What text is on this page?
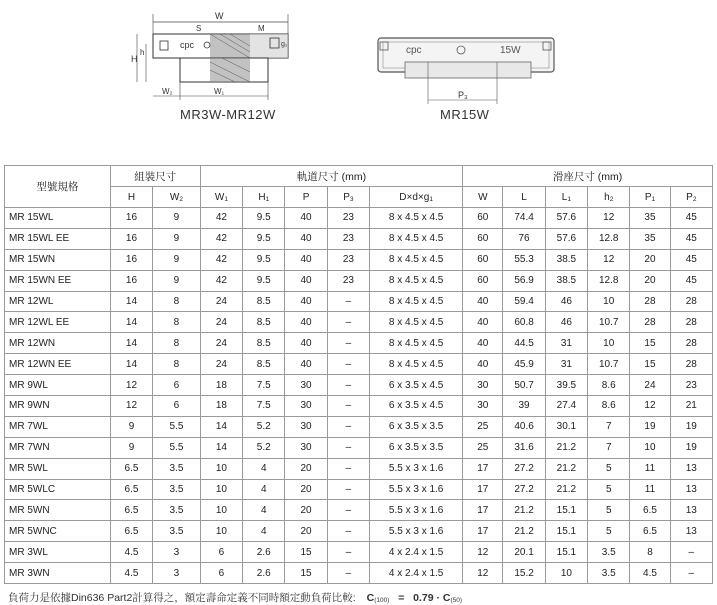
W
cpc
H
h
S	M
g₁
W₂	W₁
cpc	15W
P₃
MR3W-MR12W	MR15W
型號規格	組裝尺寸		軌道尺寸 (mm)					滑座尺寸 (mm)					
	H	$W_2$	$W_1$	$H_1$	P	$P_3$	$D\times d\times g_1$	W	L	$L_1$	$h_2$	$P_1$	$P_2$
MR 15WL	16	9	42	9.5	40	23	8 x 4.5 x 4.5	60	74.4	57.6	12	35	45
MR 15WL EE	16	9	42	9.5	40	23	8 x 4.5 x 4.5	60	76	57.6	12.8	35	45
MR 15WN	16	9	42	9.5	40	23	8 x 4.5 x 4.5	60	55.3	38.5	12	20	45
MR 15WN EE	16	9	42	9.5	40	23	8 x 4.5 x 4.5	60	56.9	38.5	12.8	20	45
MR 12WL	14	8	24	8.5	40	–	8 x 4.5 x 4.5	40	59.4	46	10	28	28
MR 12WL EE	14	8	24	8.5	40	–	8 x 4.5 x 4.5	40	60.8	46	10.7	28	28
MR 12WN	14	8	24	8.5	40	–	8 x 4.5 x 4.5	40	44.5	31	10	15	28
MR 12WN EE	14	8	24	8.5	40	–	8 x 4.5 x 4.5	40	45.9	31	10.7	15	28
MR 9WL	12	6	18	7.5	30	–	6 x 3.5 x 4.5	30	50.7	39.5	8.6	24	23
MR 9WN	12	6	18	7.5	30	–	6 x 3.5 x 4.5	30	39	27.4	8.6	12	21
MR 7WL	9	5.5	14	5.2	30	–	6 x 3.5 x 3.5	25	40.6	30.1	7	19	19
MR 7WN	9	5.5	14	5.2	30	–	6 x 3.5 x 3.5	25	31.6	21.2	7	10	19
MR 5WL	6.5	3.5	10	4	20	–	5.5 x 3 x 1.6	17	27.2	21.2	5	11	13
MR 5WLC	6.5	3.5	10	4	20	–	5.5 x 3 x 1.6	17	27.2	21.2	5	11	13
MR 5WN	6.5	3.5	10	4	20	–	5.5 x 3 x 1.6	17	21.2	15.1	5	6.5	13
MR 5WNC	6.5	3.5	10	4	20	–	5.5 x 3 x 1.6	17	21.2	15.1	5	6.5	13
MR 3WL	4.5	3	6	2.6	15	–	4 x 2.4 x 1.5	12	20.1	15.1	3.5	8	–
MR 3WN	4.5	3	6	2.6	15	–	4 x 2.4 x 1.5	12	15.2	10	3.5	4.5	–
負荷力是依據Din636 Part2計算得之，額定壽命定義不同時額定動負荷比較: $C_{(100)} = 0.79 \cdot C_{(50)}$
